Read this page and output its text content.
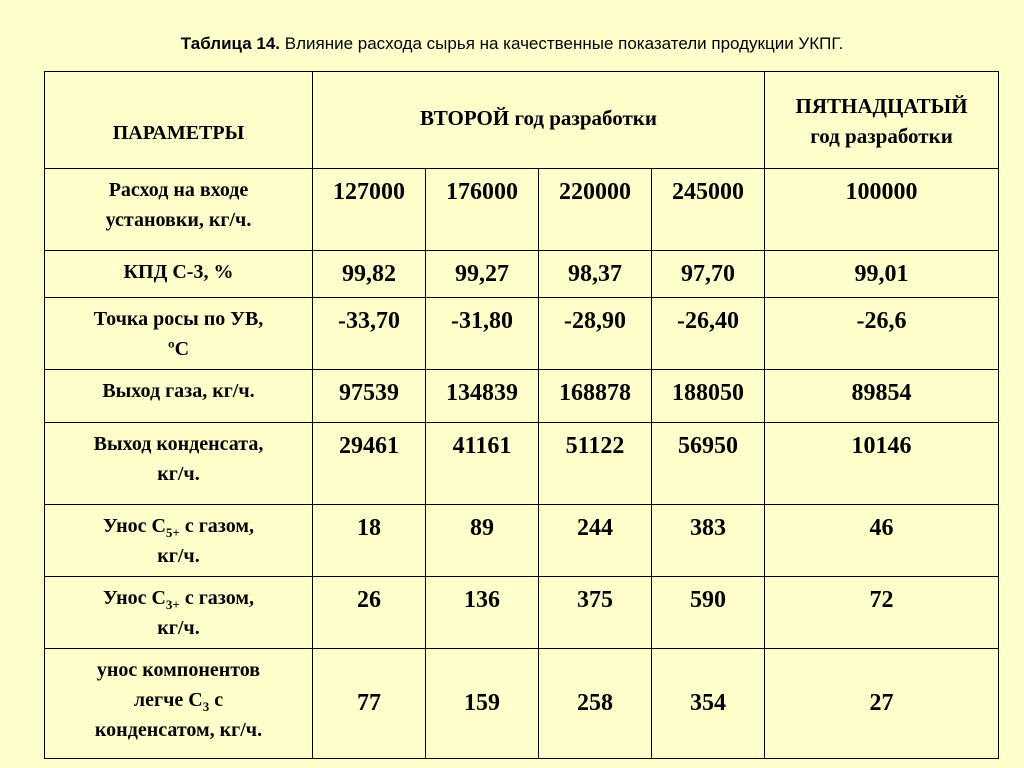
Таблица 14. Влияние расхода сырья на качественные показатели продукции УКПГ.
ПАРАМЕТРЫ	ВТОРОЙ год разработки				ПЯТНАДЦАТЫЙ
год разработки
Расход на входе
установки, кг/ч.	127000	176000	220000	245000	100000
КПД С-3, %	99,82	99,27	98,37	97,70	99,01
Точка росы по УВ,
ºС	-33,70	-31,80	-28,90	-26,40	-26,6
Выход газа, кг/ч.	97539	134839	168878	188050	89854
Выход конденсата,
кг/ч.	29461	41161	51122	56950	10146
Унос $С_{5+}$ с газом,
кг/ч.	18	89	244	383	46
Унос $С_{3+}$ с газом,
кг/ч.	26	136	375	590	72
унос компонентов
легче $С_3$ с
конденсатом, кг/ч.	77	159	258	354	27
